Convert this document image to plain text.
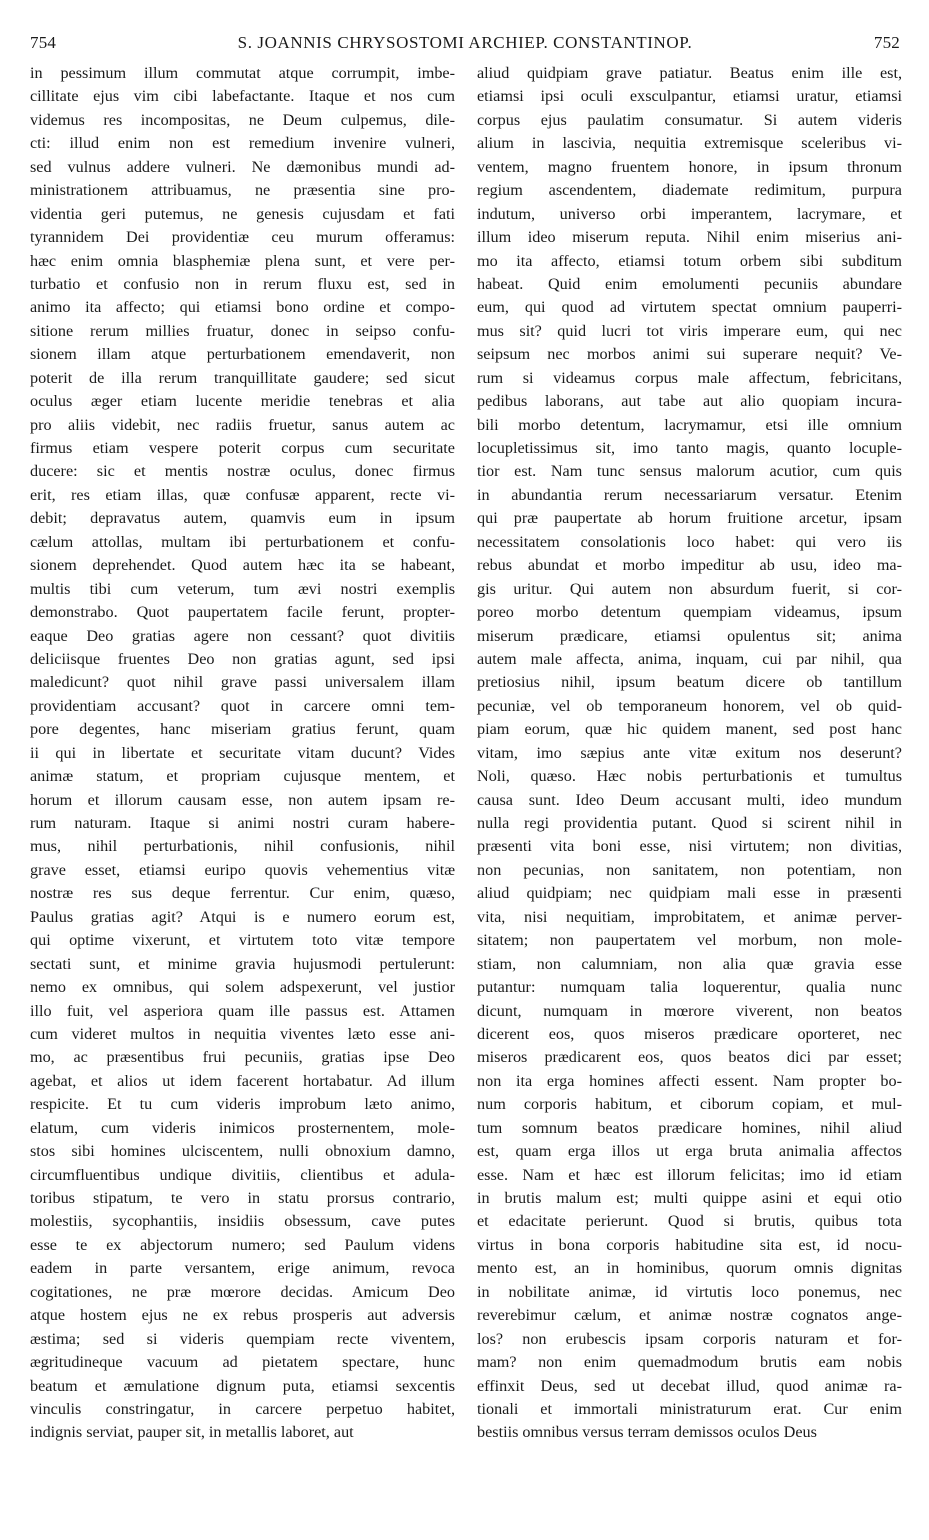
754	S. JOANNIS CHRYSOSTOMI ARCHIEP. CONSTANTINOP.	752
in pessimum illum commutat atque corrumpit, imbe-
cillitate ejus vim cibi labefactante. Itaque et nos cum
videmus res incompositas, ne Deum culpemus, dile-
cti: illud enim non est remedium invenire vulneri,
sed vulnus addere vulneri. Ne dæmonibus mundi ad-
ministrationem attribuamus, ne præsentia sine pro-
videntia geri putemus, ne genesis cujusdam et fati
tyrannidem Dei providentiæ ceu murum offeramus:
hæc enim omnia blasphemiæ plena sunt, et vere per-
turbatio et confusio non in rerum fluxu est, sed in
animo ita affecto; qui etiamsi bono ordine et compo-
sitione rerum millies fruatur, donec in seipso confu-
sionem illam atque perturbationem emendaverit, non
poterit de illa rerum tranquillitate gaudere; sed sicut
oculus æger etiam lucente meridie tenebras et alia
pro aliis videbit, nec radiis fruetur, sanus autem ac
firmus etiam vespere poterit corpus cum securitate
ducere: sic et mentis nostræ oculus, donec firmus
erit, res etiam illas, quæ confusæ apparent, recte vi-
debit; depravatus autem, quamvis eum in ipsum
cælum attollas, multam ibi perturbationem et confu-
sionem deprehendet. Quod autem hæc ita se habeant,
multis tibi cum veterum, tum ævi nostri exemplis
demonstrabo. Quot paupertatem facile ferunt, propter-
eaque Deo gratias agere non cessant? quot divitiis
deliciisque fruentes Deo non gratias agunt, sed ipsi
maledicunt? quot nihil grave passi universalem illam
providentiam accusant? quot in carcere omni tem-
pore degentes, hanc miseriam gratius ferunt, quam
ii qui in libertate et securitate vitam ducunt? Vides
animæ statum, et propriam cujusque mentem, et
horum et illorum causam esse, non autem ipsam re-
rum naturam. Itaque si animi nostri curam habere-
mus, nihil perturbationis, nihil confusionis, nihil
grave esset, etiamsi euripo quovis vehementius vitæ
nostræ res sus deque ferrentur. Cur enim, quæso,
Paulus gratias agit? Atqui is e numero eorum est,
qui optime vixerunt, et virtutem toto vitæ tempore
sectati sunt, et minime gravia hujusmodi pertulerunt:
nemo ex omnibus, qui solem adspexerunt, vel justior
illo fuit, vel asperiora quam ille passus est. Attamen
cum videret multos in nequitia viventes læto esse ani-
mo, ac præsentibus frui pecuniis, gratias ipse Deo
agebat, et alios ut idem facerent hortabatur. Ad illum
respicite. Et tu cum videris improbum læto animo,
elatum, cum videris inimicos prosternentem, mole-
stos sibi homines ulciscentem, nulli obnoxium damno,
circumfluentibus undique divitiis, clientibus et adula-
toribus stipatum, te vero in statu prorsus contrario,
molestiis, sycophantiis, insidiis obsessum, cave putes
esse te ex abjectorum numero; sed Paulum videns
eadem in parte versantem, erige animum, revoca
cogitationes, ne præ mœrore decidas. Amicum Deo
atque hostem ejus ne ex rebus prosperis aut adversis
æstima; sed si videris quempiam recte viventem,
ægritudineque vacuum ad pietatem spectare, hunc
beatum et æmulatione dignum puta, etiamsi sexcentis
vinculis constringatur, in carcere perpetuo habitet,
indignis serviat, pauper sit, in metallis laboret, aut
aliud quidpiam grave patiatur. Beatus enim ille est,
etiamsi ipsi oculi exsculpantur, etiamsi uratur, etiamsi
corpus ejus paulatim consumatur. Si autem videris
alium in lascivia, nequitia extremisque sceleribus vi-
ventem, magno fruentem honore, in ipsum thronum
regium ascendentem, diademate redimitum, purpura
indutum, universo orbi imperantem, lacrymare, et
illum ideo miserum reputa. Nihil enim miserius ani-
mo ita affecto, etiamsi totum orbem sibi subditum
habeat. Quid enim emolumenti pecuniis abundare
eum, qui quod ad virtutem spectat omnium pauperri-
mus sit? quid lucri tot viris imperare eum, qui nec
seipsum nec morbos animi sui superare nequit? Ve-
rum si videamus corpus male affectum, febricitans,
pedibus laborans, aut tabe aut alio quopiam incura-
bili morbo detentum, lacrymamur, etsi ille omnium
locupletissimus sit, imo tanto magis, quanto locuple-
tior est. Nam tunc sensus malorum acutior, cum quis
in abundantia rerum necessariarum versatur. Etenim
qui præ paupertate ab horum fruitione arcetur, ipsam
necessitatem consolationis loco habet: qui vero iis
rebus abundat et morbo impeditur ab usu, ideo ma-
gis uritur. Qui autem non absurdum fuerit, si cor-
poreo morbo detentum quempiam videamus, ipsum
miserum prædicare, etiamsi opulentus sit; anima
autem male affecta, anima, inquam, cui par nihil, qua
pretiosius nihil, ipsum beatum dicere ob tantillum
pecuniæ, vel ob temporaneum honorem, vel ob quid-
piam eorum, quæ hic quidem manent, sed post hanc
vitam, imo sæpius ante vitæ exitum nos deserunt?
Noli, quæso. Hæc nobis perturbationis et tumultus
causa sunt. Ideo Deum accusant multi, ideo mundum
nulla regi providentia putant. Quod si scirent nihil in
præsenti vita boni esse, nisi virtutem; non divitias,
non pecunias, non sanitatem, non potentiam, non
aliud quidpiam; nec quidpiam mali esse in præsenti
vita, nisi nequitiam, improbitatem, et animæ perver-
sitatem; non paupertatem vel morbum, non mole-
stiam, non calumniam, non alia quæ gravia esse
putantur: numquam talia loquerentur, qualia nunc
dicunt, numquam in mœrore viverent, non beatos
dicerent eos, quos miseros prædicare oporteret, nec
miseros prædicarent eos, quos beatos dici par esset;
non ita erga homines affecti essent. Nam propter bo-
num corporis habitum, et ciborum copiam, et mul-
tum somnum beatos prædicare homines, nihil aliud
est, quam erga illos ut erga bruta animalia affectos
esse. Nam et hæc est illorum felicitas; imo id etiam
in brutis malum est; multi quippe asini et equi otio
et edacitate perierunt. Quod si brutis, quibus tota
virtus in bona corporis habitudine sita est, id nocu-
mento est, an in hominibus, quorum omnis dignitas
in nobilitate animæ, id virtutis loco ponemus, nec
reverebimur cælum, et animæ nostræ cognatos ange-
los? non erubescis ipsam corporis naturam et for-
mam? non enim quemadmodum brutis eam nobis
effinxit Deus, sed ut decebat illud, quod animæ ra-
tionali et immortali ministraturum erat. Cur enim
bestiis omnibus versus terram demissos oculos Deus
